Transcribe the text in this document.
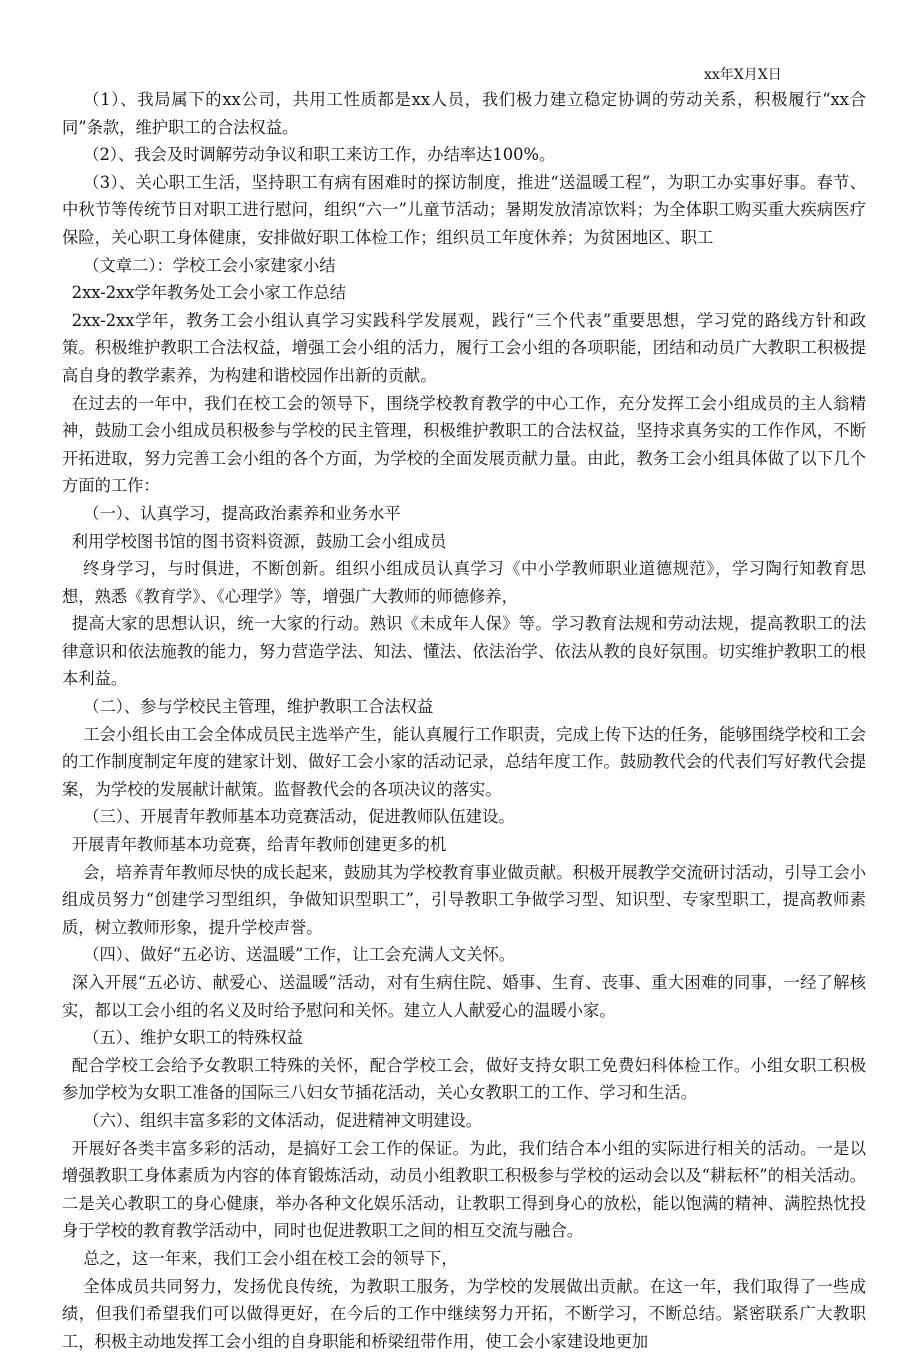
xx年X月X日

（1）、我局属下的xx公司，共用工性质都是xx人员，我们极力建立稳定协调的劳动关系，积极履行“xx合同”条款，维护职工的合法权益。

（2）、我会及时调解劳动争议和职工来访工作，办结率达100%。

（3）、关心职工生活，坚持职工有病有困难时的探访制度，推进“送温暖工程”，为职工办实事好事。春节、中秋节等传统节日对职工进行慰问，组织“六一”儿童节活动；暑期发放清凉饮料；为全体职工购买重大疾病医疗保险，关心职工身体健康，安排做好职工体检工作；组织员工年度休养；为贫困地区、职工

（文章二）：学校工会小家建家小结

2xx-2xx学年教务处工会小家工作总结

2xx-2xx学年，教务工会小组认真学习实践科学发展观，践行“三个代表”重要思想，学习党的路线方针和政策。积极维护教职工合法权益，增强工会小组的活力，履行工会小组的各项职能，团结和动员广大教职工积极提高自身的教学素养，为构建和谐校园作出新的贡献。

在过去的一年中，我们在校工会的领导下，围绕学校教育教学的中心工作，充分发挥工会小组成员的主人翁精神，鼓励工会小组成员积极参与学校的民主管理，积极维护教职工的合法权益，坚持求真务实的工作作风，不断开拓进取，努力完善工会小组的各个方面，为学校的全面发展贡献力量。由此，教务工会小组具体做了以下几个方面的工作：

（一）、认真学习，提高政治素养和业务水平

利用学校图书馆的图书资料资源，鼓励工会小组成员

终身学习，与时俱进，不断创新。组织小组成员认真学习《中小学教师职业道德规范》，学习陶行知教育思想，熟悉《教育学》、《心理学》等，增强广大教师的师德修养，

提高大家的思想认识，统一大家的行动。熟识《未成年人保》等。学习教育法规和劳动法规，提高教职工的法律意识和依法施教的能力，努力营造学法、知法、懂法、依法治学、依法从教的良好氛围。切实维护教职工的根本利益。

（二）、参与学校民主管理，维护教职工合法权益

工会小组长由工会全体成员民主选举产生，能认真履行工作职责，完成上传下达的任务，能够围绕学校和工会的工作制度制定年度的建家计划、做好工会小家的活动记录，总结年度工作。鼓励教代会的代表们写好教代会提案，为学校的发展献计献策。监督教代会的各项决议的落实。

（三）、开展青年教师基本功竞赛活动，促进教师队伍建设。

开展青年教师基本功竞赛，给青年教师创建更多的机

会，培养青年教师尽快的成长起来，鼓励其为学校教育事业做贡献。积极开展教学交流研讨活动，引导工会小组成员努力“创建学习型组织，争做知识型职工”，引导教职工争做学习型、知识型、专家型职工，提高教师素质，树立教师形象，提升学校声誉。

（四）、做好“五必访、送温暖”工作，让工会充满人文关怀。

深入开展“五必访、献爱心、送温暖”活动，对有生病住院、婚事、生育、丧事、重大困难的同事，一经了解核实，都以工会小组的名义及时给予慰问和关怀。建立人人献爱心的温暖小家。

（五）、维护女职工的特殊权益

配合学校工会给予女教职工特殊的关怀，配合学校工会，做好支持女职工免费妇科体检工作。小组女职工积极参加学校为女职工准备的国际三八妇女节插花活动，关心女教职工的工作、学习和生活。

（六）、组织丰富多彩的文体活动，促进精神文明建设。

开展好各类丰富多彩的活动，是搞好工会工作的保证。为此，我们结合本小组的实际进行相关的活动。一是以增强教职工身体素质为内容的体育锻炼活动，动员小组教职工积极参与学校的运动会以及“耕耘杯”的相关活动。二是关心教职工的身心健康，举办各种文化娱乐活动，让教职工得到身心的放松，能以饱满的精神、满腔热忱投身于学校的教育教学活动中，同时也促进教职工之间的相互交流与融合。

总之，这一年来，我们工会小组在校工会的领导下，

全体成员共同努力，发扬优良传统，为教职工服务，为学校的发展做出贡献。在这一年，我们取得了一些成绩，但我们希望我们可以做得更好，在今后的工作中继续努力开拓，不断学习，不断总结。紧密联系广大教职工，积极主动地发挥工会小组的自身职能和桥梁纽带作用，使工会小家建设地更加
